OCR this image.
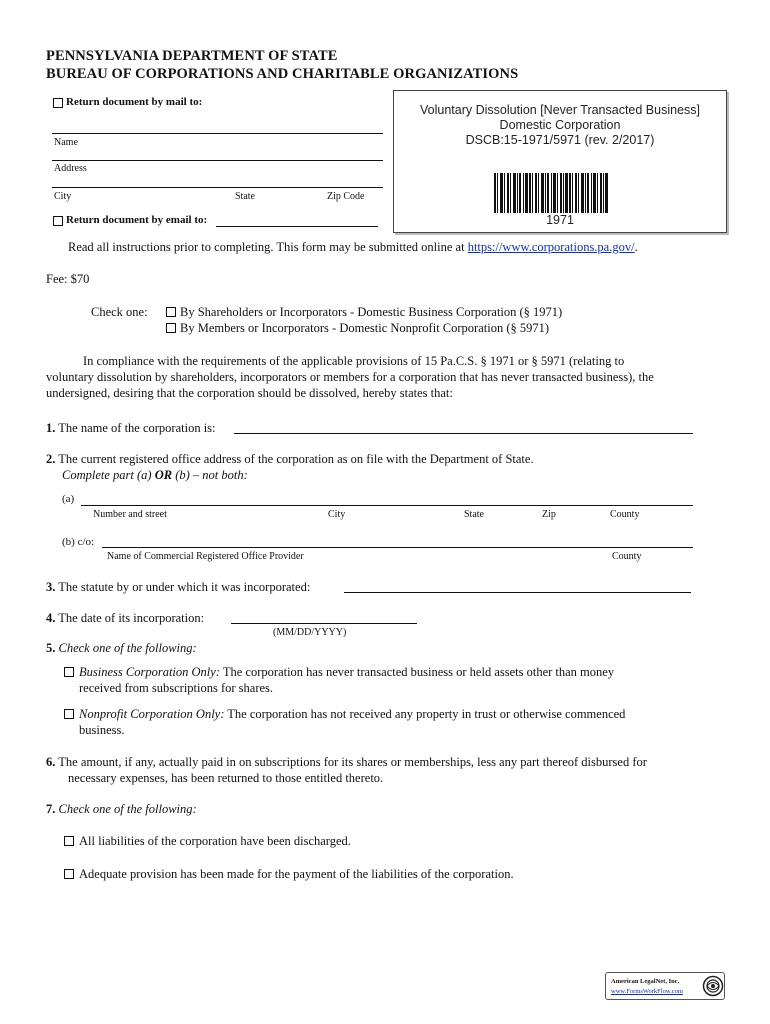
PENNSYLVANIA DEPARTMENT OF STATE
BUREAU OF CORPORATIONS AND CHARITABLE ORGANIZATIONS
Return document by mail to:
Name
Address
City	State	Zip Code
Return document by email to:
Voluntary Dissolution [Never Transacted Business]
Domestic Corporation
DSCB:15-1971/5971 (rev. 2/2017)
1971
Read all instructions prior to completing. This form may be submitted online at https://www.corporations.pa.gov/.
Fee: $70
Check one:	By Shareholders or Incorporators - Domestic Business Corporation (§ 1971)
By Members or Incorporators - Domestic Nonprofit Corporation (§ 5971)
In compliance with the requirements of the applicable provisions of 15 Pa.C.S. § 1971 or § 5971 (relating to
voluntary dissolution by shareholders, incorporators or members for a corporation that has never transacted business), the
undersigned, desiring that the corporation should be dissolved, hereby states that:
1. The name of the corporation is:
2. The current registered office address of the corporation as on file with the Department of State.
Complete part (a) OR (b) – not both:
(a)
Number and street	City	State	Zip	County
(b) c/o:
Name of Commercial Registered Office Provider	County
3. The statute by or under which it was incorporated:
4. The date of its incorporation:
(MM/DD/YYYY)
5. Check one of the following:
Business Corporation Only: The corporation has never transacted business or held assets other than money
received from subscriptions for shares.
Nonprofit Corporation Only: The corporation has not received any property in trust or otherwise commenced
business.
6. The amount, if any, actually paid in on subscriptions for its shares or memberships, less any part thereof disbursed for
necessary expenses, has been returned to those entitled thereto.
7. Check one of the following:
All liabilities of the corporation have been discharged.
Adequate provision has been made for the payment of the liabilities of the corporation.
American LegalNet, Inc.
www.FormsWorkFlow.com
